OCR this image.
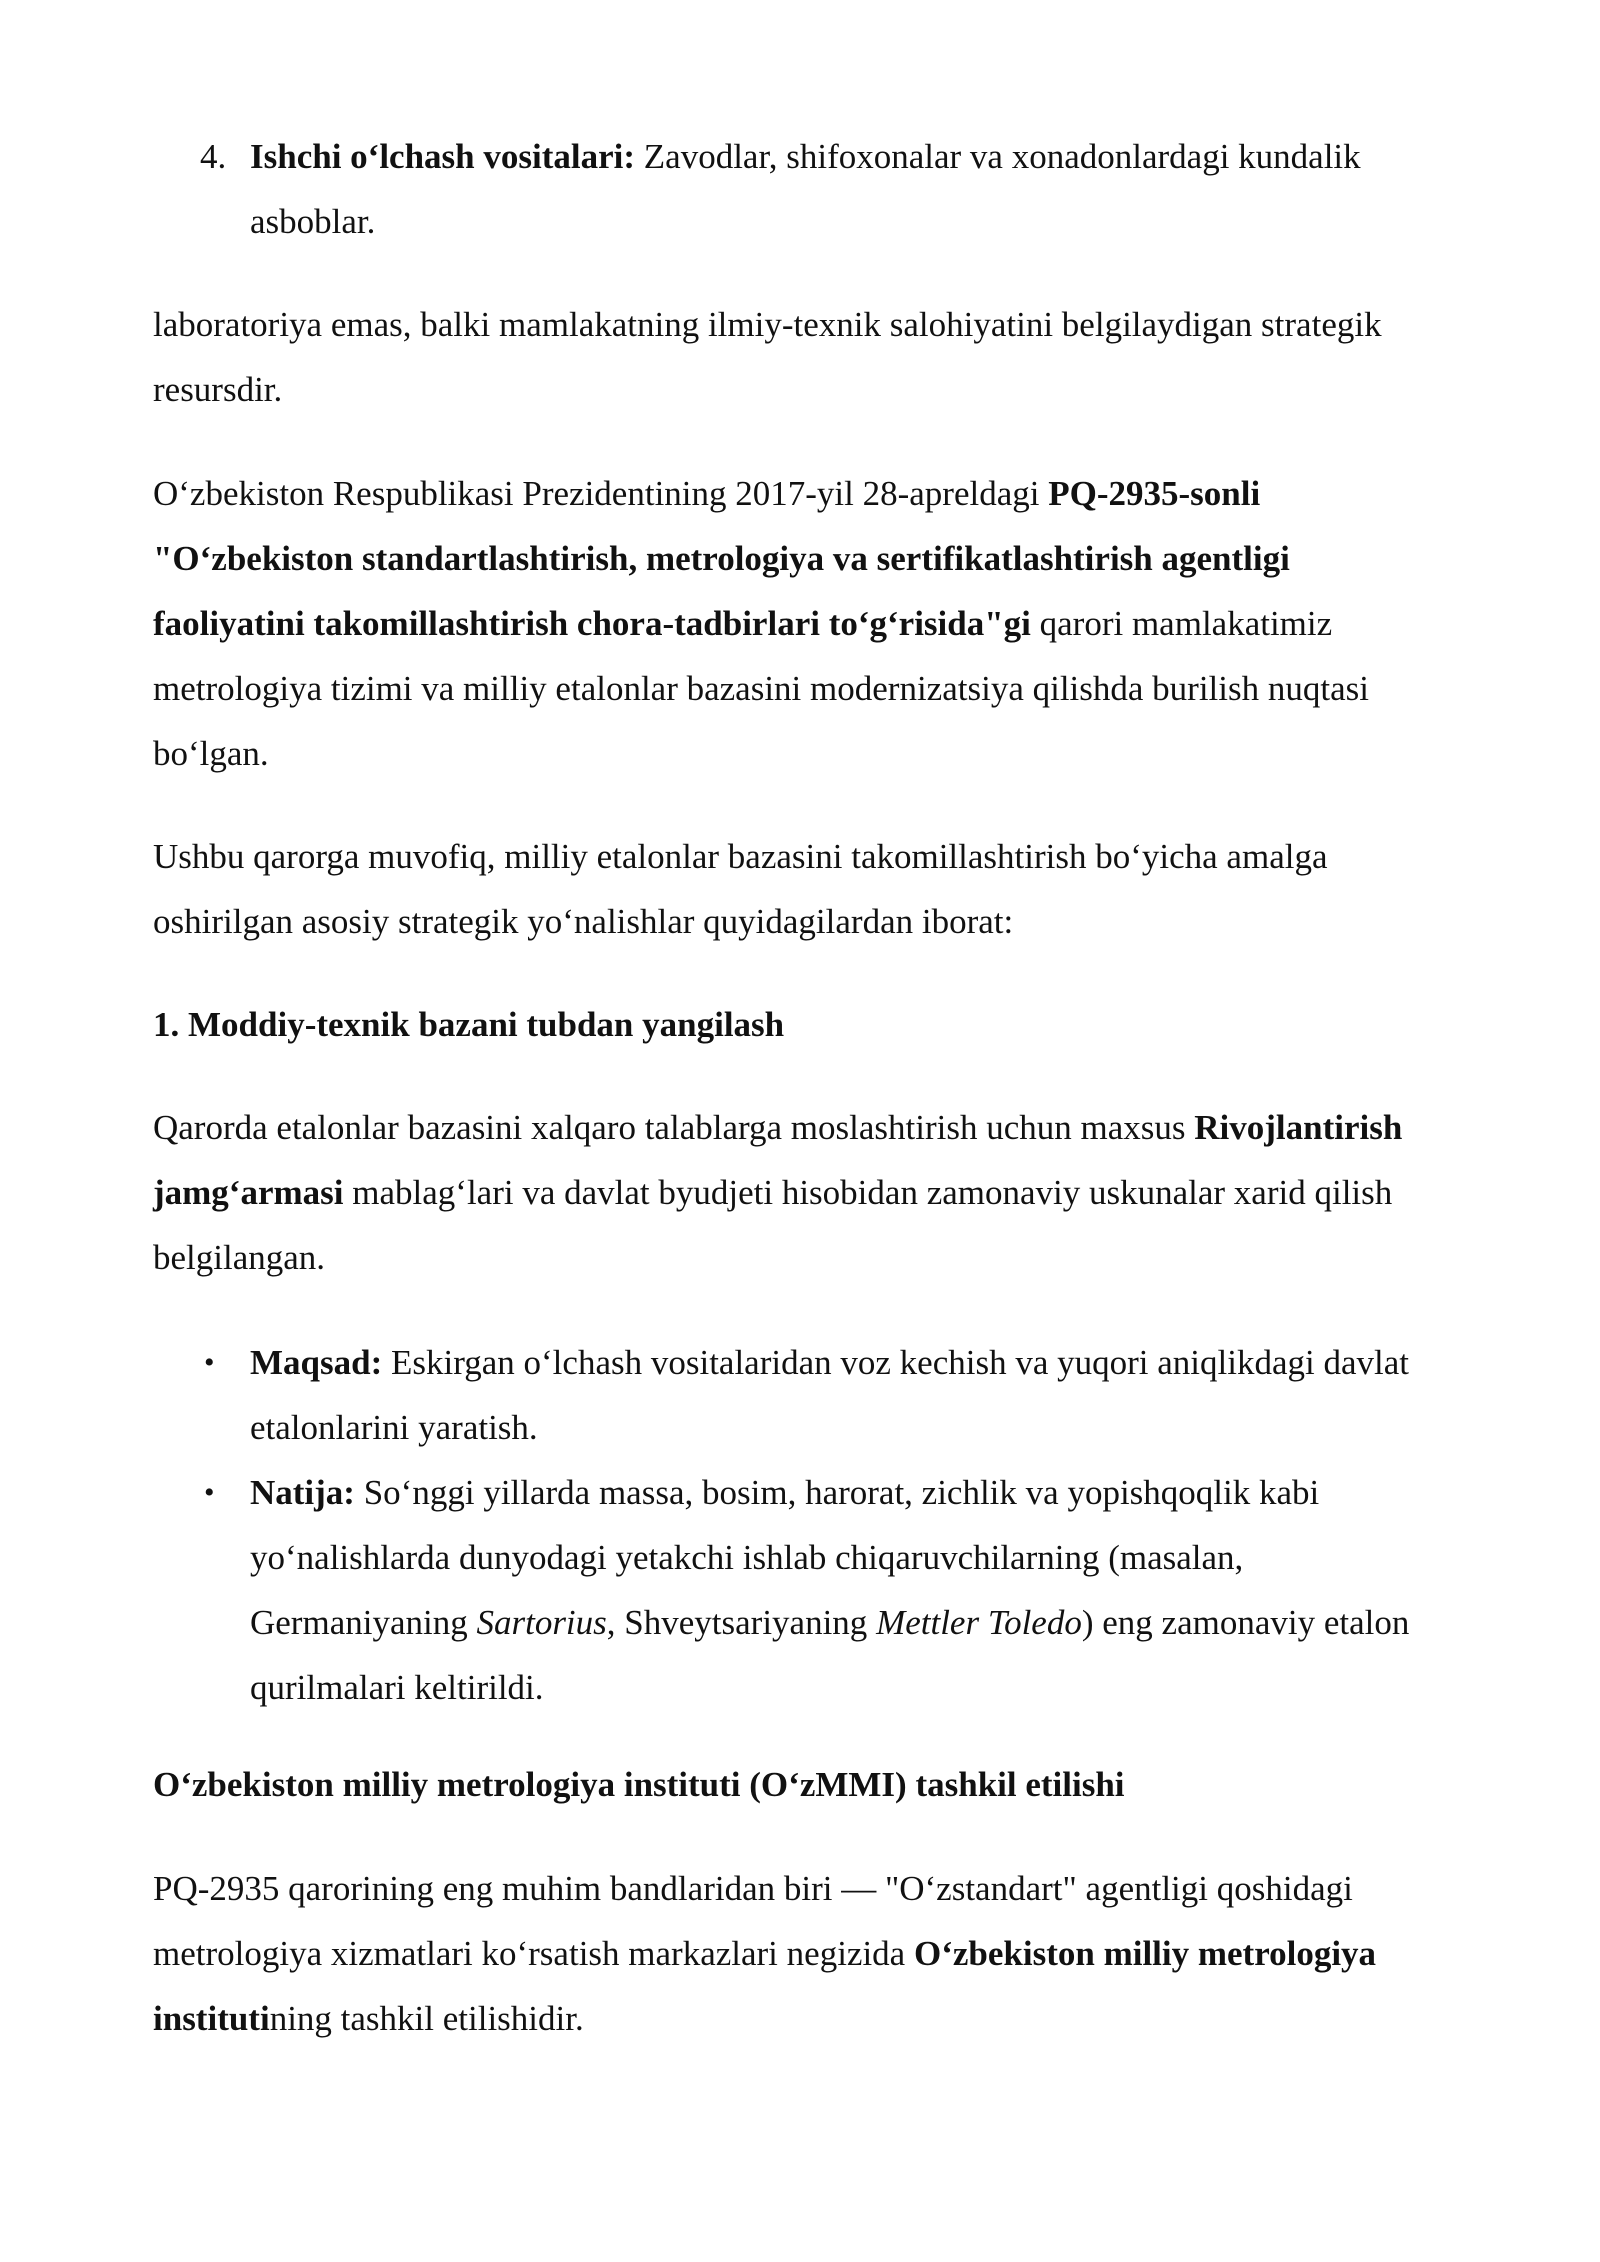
4. Ishchi o‘lchash vositalari: Zavodlar, shifoxonalar va xonadonlardagi kundalik asboblar.

laboratoriya emas, balki mamlakatning ilmiy-texnik salohiyatini belgilaydigan strategik resursdir.

O‘zbekiston Respublikasi Prezidentining 2017-yil 28-apreldagi PQ-2935-sonli "O‘zbekiston standartlashtirish, metrologiya va sertifikatlashtirish agentligi faoliyatini takomillashtirish chora-tadbirlari to‘g‘risida"gi qarori mamlakatimiz metrologiya tizimi va milliy etalonlar bazasini modernizatsiya qilishda burilish nuqtasi bo‘lgan.

Ushbu qarorga muvofiq, milliy etalonlar bazasini takomillashtirish bo‘yicha amalga oshirilgan asosiy strategik yo‘nalishlar quyidagilardan iborat:

1. Moddiy-texnik bazani tubdan yangilash

Qarorda etalonlar bazasini xalqaro talablarga moslashtirish uchun maxsus Rivojlantirish jamg‘armasi mablag‘lari va davlat byudjeti hisobidan zamonaviy uskunalar xarid qilish belgilangan.

• Maqsad: Eskirgan o‘lchash vositalaridan voz kechish va yuqori aniqlikdagi davlat etalonlarini yaratish.
• Natija: So‘nggi yillarda massa, bosim, harorat, zichlik va yopishqoqlik kabi yo‘nalishlarda dunyodagi yetakchi ishlab chiqaruvchilarning (masalan, Germaniyaning Sartorius, Shveytsariyaning Mettler Toledo) eng zamonaviy etalon qurilmalari keltirildi.

O‘zbekiston milliy metrologiya instituti (O‘zMMI) tashkil etilishi

PQ-2935 qarorining eng muhim bandlaridan biri — "O‘zstandart" agentligi qoshidagi metrologiya xizmatlari ko‘rsatish markazlari negizida O‘zbekiston milliy metrologiya institutining tashkil etilishidir.
